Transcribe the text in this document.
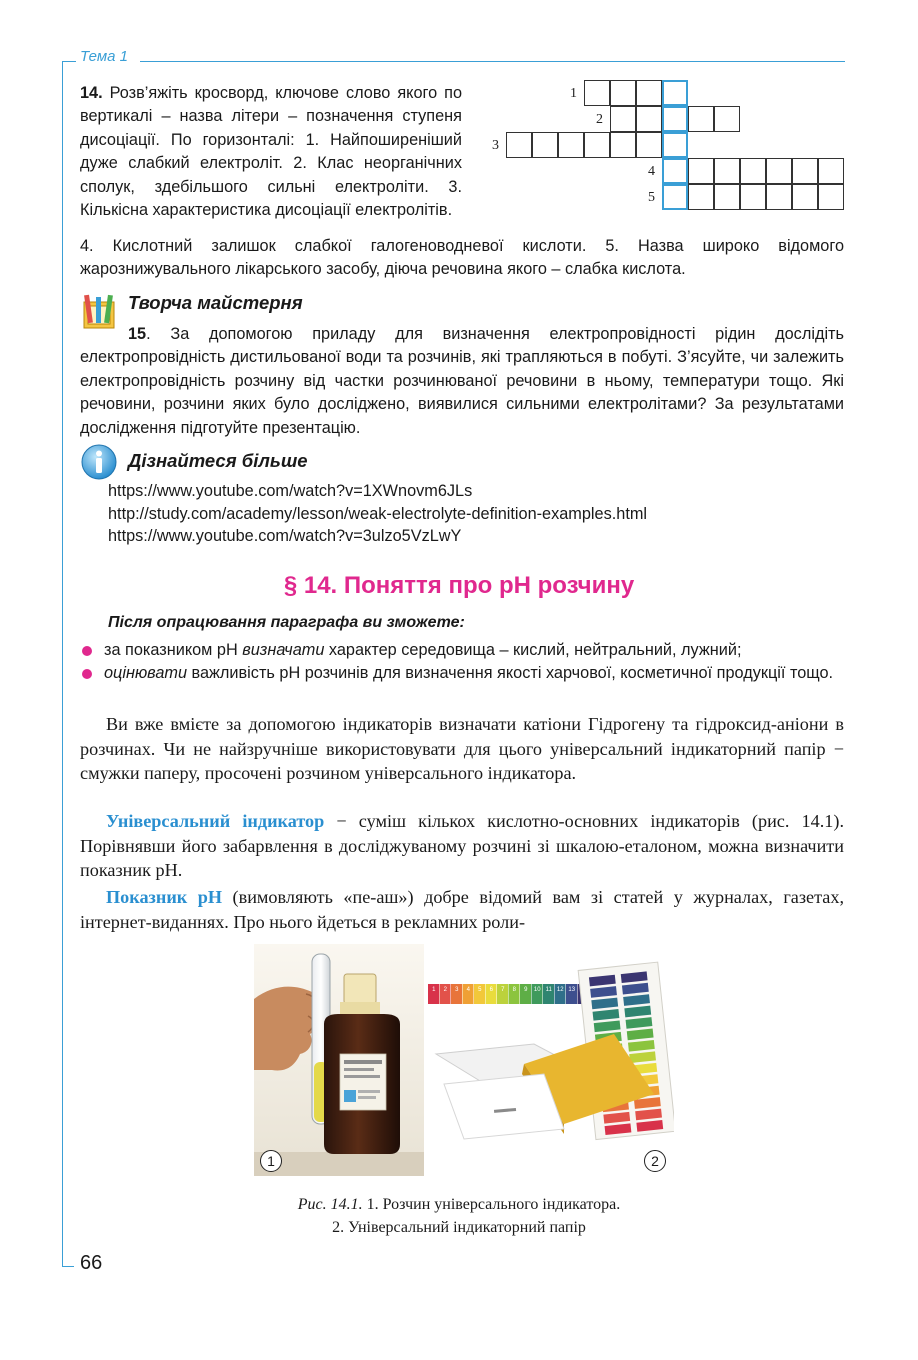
Тема 1
14. Розв’яжіть кросворд, ключове слово якого по вертикалі – назва літери – позначення ступеня дисоціації. По горизонталі: 1. Найпоширеніший дуже слабкий електроліт. 2. Клас неорганічних сполук, здебільшого сильні електроліти. 3. Кількісна характеристика дисоціації електролітів.
4. Кислотний залишок слабкої галогеноводневої кислоти. 5. Назва широко відомого жарознижувального лікарського засобу, діюча речовина якого – слабка кислота.
1
2
3
4
5
Творча майстерня
15. За допомогою приладу для визначення електропровідності рідин дослідіть електропровідність дистильованої води та розчинів, які трапляються в побуті. З’ясуйте, чи залежить електропровідність розчину від частки розчинюваної речовини в ньому, температури тощо. Які речовини, розчини яких було досліджено, виявилися сильними електролітами? За результатами дослідження підготуйте презентацію.
Дізнайтеся більше
https://www.youtube.com/watch?v=1XWnovm6JLs
http://study.com/academy/lesson/weak-electrolyte-definition-examples.html
https://www.youtube.com/watch?v=3ulzo5VzLwY
§ 14. Поняття про рН розчину
Після опрацювання параграфа ви зможете:
за показником pH визначати характер середовища – кислий, нейтральний, лужний;
оцінювати важливість pH розчинів для визначення якості харчової, косметичної продукції тощо.
Ви вже вмієте за допомогою індикаторів визначати катіони Гідрогену та гідроксид-аніони в розчинах. Чи не найзручніше використовувати для цього універсальний індикаторний папір − смужки паперу, просочені розчином універсального індикатора.
Універсальний індикатор − суміш кількох кислотно-основних індикаторів (рис. 14.1). Порівнявши його забарвлення в досліджуваному розчині зі шкалою-еталоном, можна визначити показник pH.
Показник рН (вимовляють «пе-аш») добре відомий вам зі статей у журналах, газетах, інтернет-виданнях. Про нього йдеться в рекламних роли-
1
1 2 3 4 5 6 7 8 9 10 11 12 13
2
Рис. 14.1. 1. Розчин універсального індикатора.
2. Універсальний індикаторний папір
66
